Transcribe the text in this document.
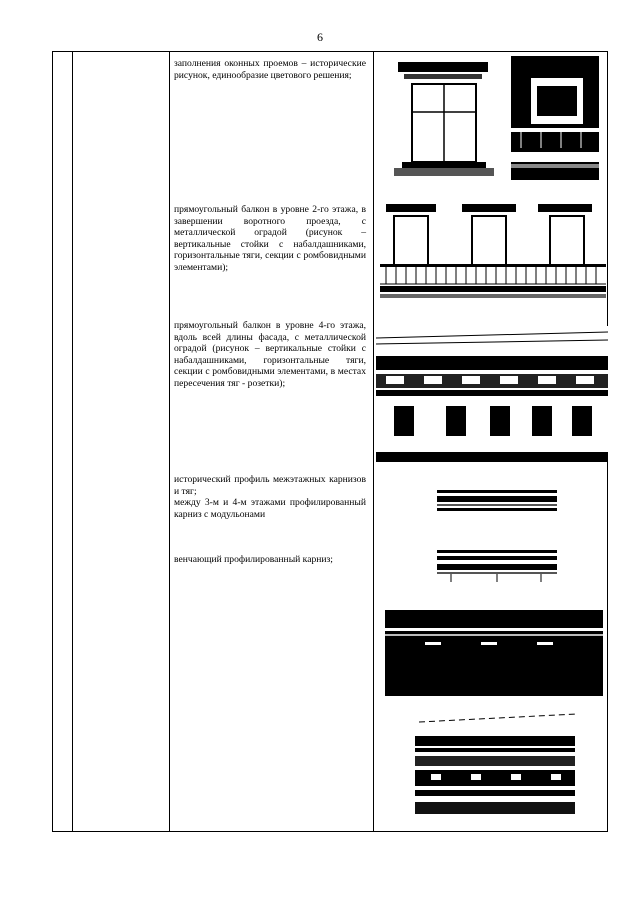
6

заполнения оконных проемов – исторические рисунок, единообразие цветового решения;

прямоугольный балкон в уровне 2-го этажа, в завершении воротного проезда, с металлической оградой (рисунок – вертикальные стойки с набалдашниками, горизонтальные тяги, секции с ромбовидными элементами);

прямоугольный балкон в уровне 4-го этажа, вдоль всей длины фасада, с металлической оградой (рисунок – вертикальные стойки с набалдашниками, горизонтальные тяги, секции с ромбовидными элементами, в местах пересечения тяг - розетки);

исторический профиль межэтажных карнизов и тяг;

между 3-м и 4-м этажами профилированный карниз с модульонами

венчающий профилированный карниз;
